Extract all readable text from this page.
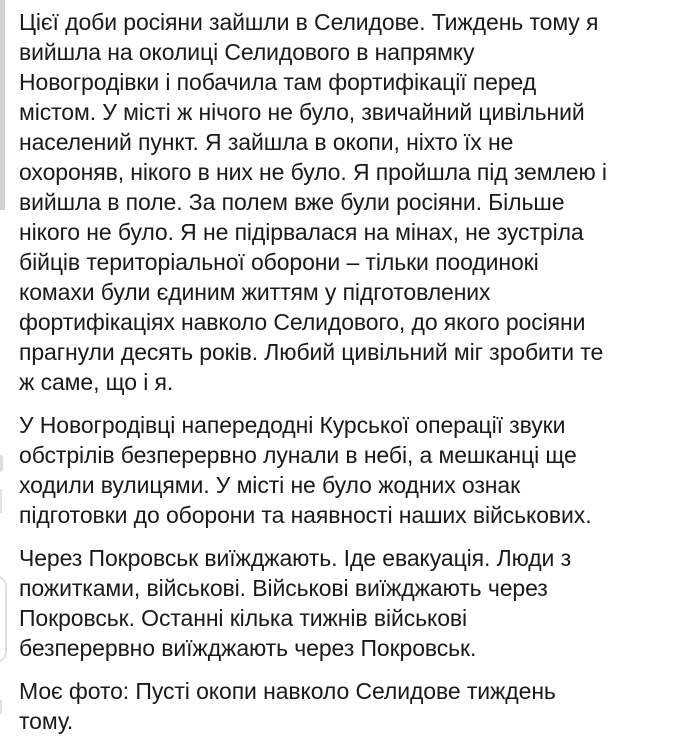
Цієї доби росіяни зайшли в Селидове. Тиждень тому я
вийшла на околиці Селидового в напрямку
Новогродівки і побачила там фортифікації перед
містом. У місті ж нічого не було, звичайний цивільний
населений пункт. Я зайшла в окопи, ніхто їх не
охороняв, нікого в них не було. Я пройшла під землею і
вийшла в поле. За полем вже були росіяни. Більше
нікого не було. Я не підірвалася на мінах, не зустріла
бійців територіальної оборони – тільки поодинокі
комахи були єдиним життям у підготовлених
фортифікаціях навколо Селидового, до якого росіяни
прагнули десять років. Любий цивільний міг зробити те
ж саме, що і я.

У Новогродівці напередодні Курської операції звуки
обстрілів безперервно лунали в небі, а мешканці ще
ходили вулицями. У місті не було жодних ознак
підготовки до оборони та наявності наших військових.

Через Покровськ виїжджають. Іде евакуація. Люди з
пожитками, військові. Військові виїжджають через
Покровськ. Останні кілька тижнів військові
безперервно виїжджають через Покровськ.

Моє фото: Пусті окопи навколо Селидове тиждень
тому.
